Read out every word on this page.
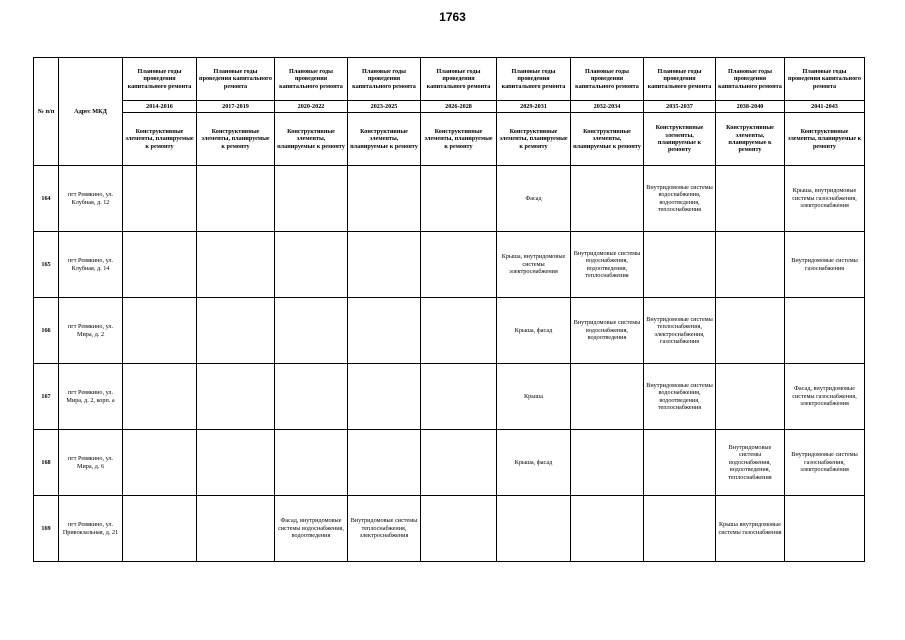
1763
№ п/п	Адрес МКД	Плановые годы проведения капитального ремонта	Плановые годы проведения капитального ремонта	Плановые годы проведения капитального ремонта	Плановые годы проведения капитального ремонта	Плановые годы проведения капитального ремонта	Плановые годы проведения капитального ремонта	Плановые годы проведения капитального ремонта	Плановые годы проведения капитального ремонта	Плановые годы проведения капитального ремонта	Плановые годы проведения капитального ремонта
		2014-2016	2017-2019	2020-2022	2023-2025	2026-2028	2029-2031	2032-2034	2035-2037	2038-2040	2041-2043
		Конструктивные элементы, планируемые к ремонту	Конструктивные элементы, планируемые к ремонту	Конструктивные элементы, планируемые к ремонту	Конструктивные элементы, планируемые к ремонту	Конструктивные элементы, планируемые к ремонту	Конструктивные элементы, планируемые к ремонту	Конструктивные элементы, планируемые к ремонту	Конструктивные элементы, планируемые к ремонту	Конструктивные элементы, планируемые к ремонту	Конструктивные элементы, планируемые к ремонту
164	пгт Ревякино, ул. Клубная, д. 12						Фасад		Внутридомовые системы водоснабжения, водоотведения, теплоснабжения		Крыша, внутридомовые системы газоснабжения, электроснабжения
165	пгт Ревякино, ул. Клубная, д. 14						Крыша, внутридомовые системы электроснабжения	Внутридомовые системы водоснабжения, водоотведения, теплоснабжения			Внутридомовые системы газоснабжения
166	пгт Ревякино, ул. Мира, д. 2						Крыша, фасад	Внутридомовые системы водоснабжения, водоотведения	Внутридомовые системы теплоснабжения, электроснабжения, газоснабжения		
167	пгт Ревякино, ул. Мира, д. 2, корп. а						Крыша		Внутридомовые системы водоснабжения, водоотведения, теплоснабжения		Фасад, внутридомовые системы газоснабжения, электроснабжения
168	пгт Ревякино, ул. Мира, д. 6						Крыша, фасад			Внутридомовые системы водоснабжения, водоотведения, теплоснабжения	Внутридомовые системы газоснабжения, электроснабжения
169	пгт Ревякино, ул. Привокзальная, д. 21			Фасад, внутридомовые системы водоснабжения, водоотведения	Внутридомовые системы теплоснабжения, электроснабжения					Крыша внутридомовые системы газоснабжения	
